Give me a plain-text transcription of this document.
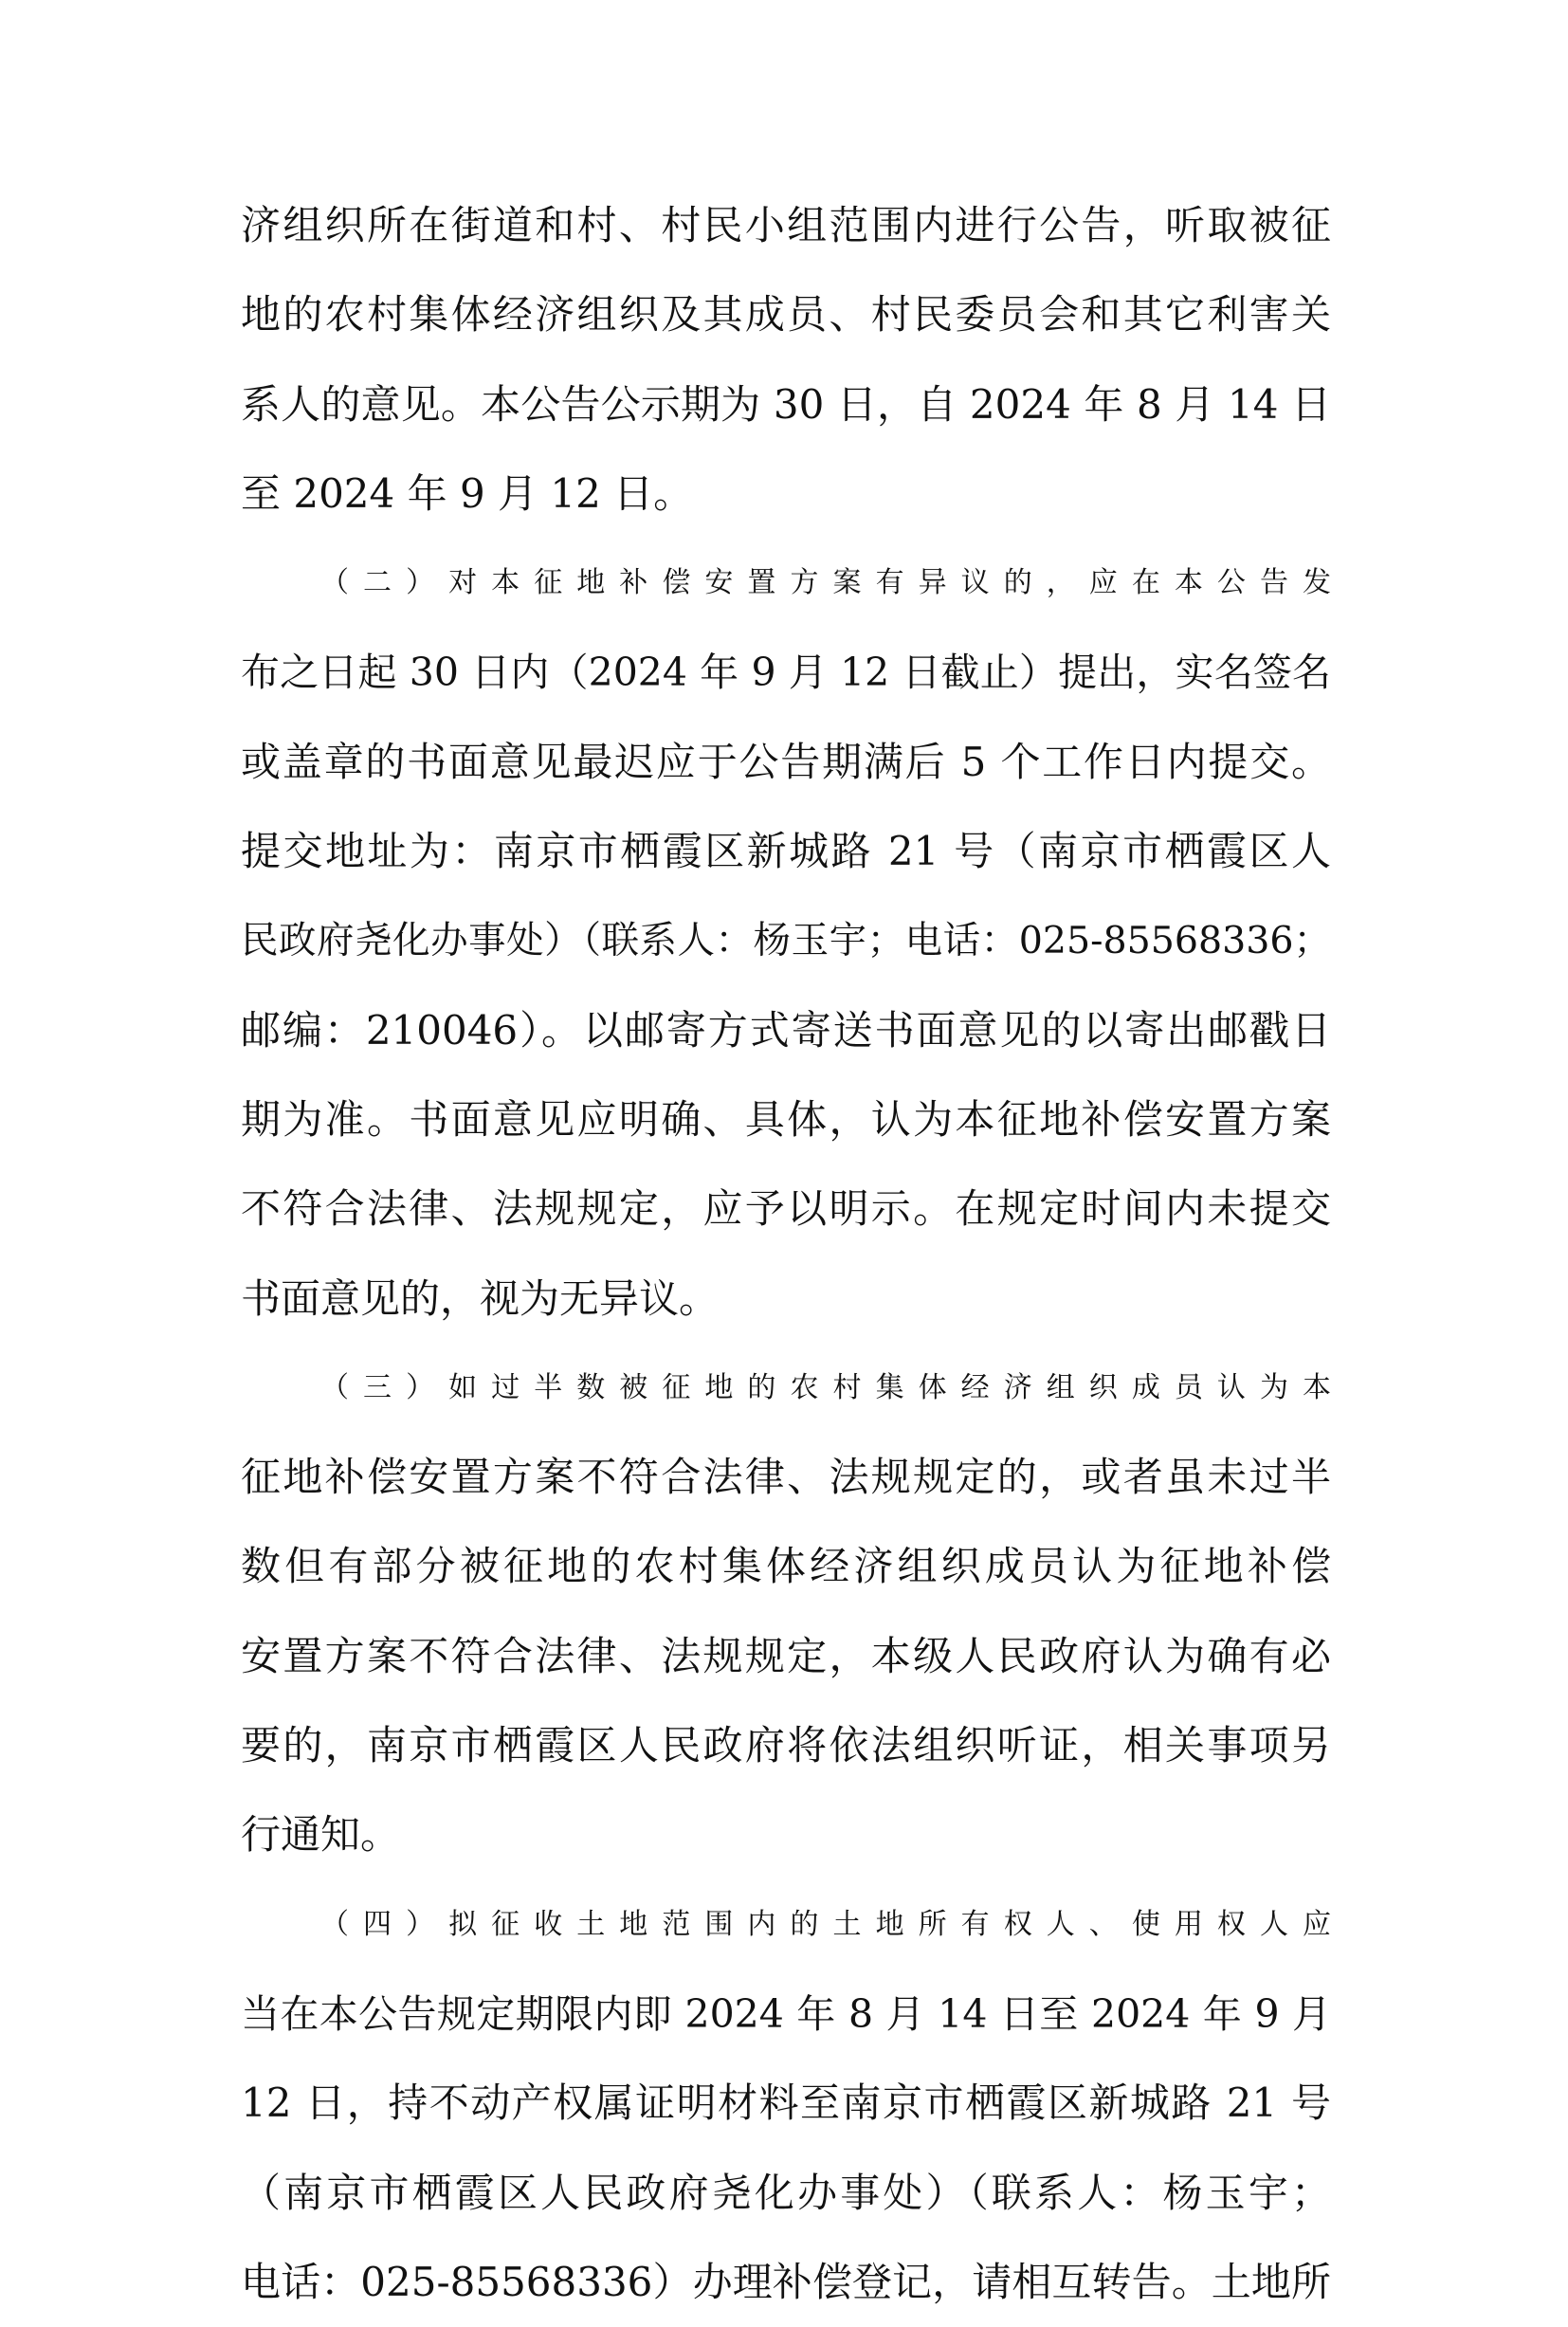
济组织所在街道和村、村民小组范围内进行公告，听取被征
地的农村集体经济组织及其成员、村民委员会和其它利害关
系人的意见。本公告公示期为 30 日，自 2024 年 8 月 14 日
至 2024 年 9 月 12 日。
（二）对本征地补偿安置方案有异议的，应在本公告发
布之日起 30 日内（2024 年 9 月 12 日截止）提出，实名签名
或盖章的书面意见最迟应于公告期满后 5 个工作日内提交。
提交地址为：南京市栖霞区新城路 21 号（南京市栖霞区人
民政府尧化办事处）（联系人：杨玉宇；电话：025-85568336；
邮编：210046）。以邮寄方式寄送书面意见的以寄出邮戳日
期为准。书面意见应明确、具体，认为本征地补偿安置方案
不符合法律、法规规定，应予以明示。在规定时间内未提交
书面意见的，视为无异议。
（三）如过半数被征地的农村集体经济组织成员认为本
征地补偿安置方案不符合法律、法规规定的，或者虽未过半
数但有部分被征地的农村集体经济组织成员认为征地补偿
安置方案不符合法律、法规规定，本级人民政府认为确有必
要的，南京市栖霞区人民政府将依法组织听证，相关事项另
行通知。
（四）拟征收土地范围内的土地所有权人、使用权人应
当在本公告规定期限内即 2024 年 8 月 14 日至 2024 年 9 月
12 日，持不动产权属证明材料至南京市栖霞区新城路 21 号
（南京市栖霞区人民政府尧化办事处）（联系人：杨玉宇；
电话：025-85568336）办理补偿登记，请相互转告。土地所
